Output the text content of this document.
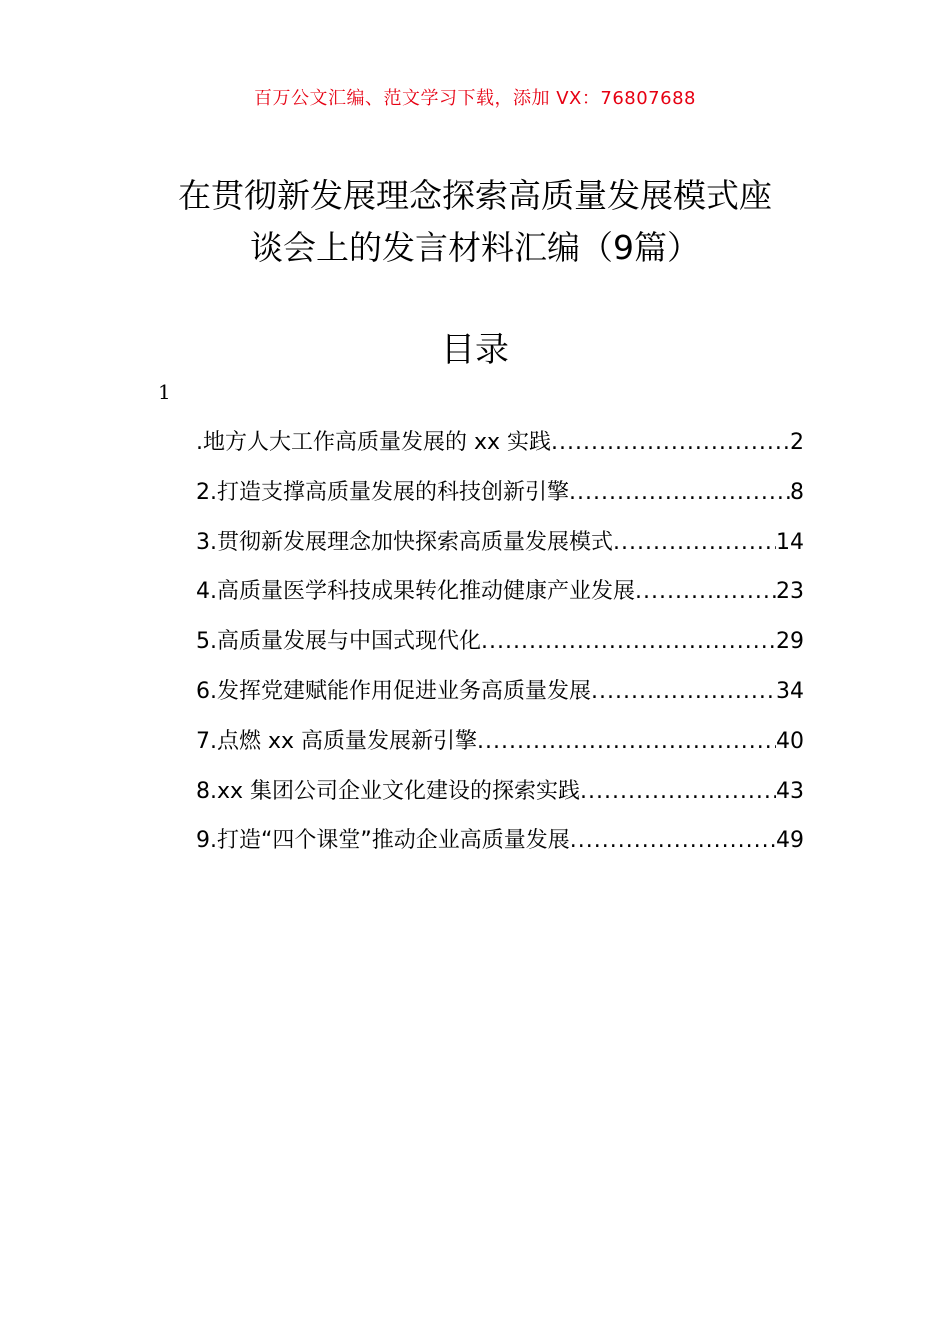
百万公文汇编、范文学习下载，添加 VX：76807688
在贯彻新发展理念探索高质量发展模式座
谈会上的发言材料汇编（9篇）
目录
1
.地方人大工作高质量发展的 xx 实践 .....	2
2.打造支撑高质量发展的科技创新引擎 .....	8
3.贯彻新发展理念加快探索高质量发展模式 .....	14
4.高质量医学科技成果转化推动健康产业发展 .....	23
5.高质量发展与中国式现代化 .....	29
6.发挥党建赋能作用促进业务高质量发展 .....	34
7.点燃 xx 高质量发展新引擎 .....	40
8.xx 集团公司企业文化建设的探索实践 .....	43
9.打造“四个课堂”推动企业高质量发展 .....	49
